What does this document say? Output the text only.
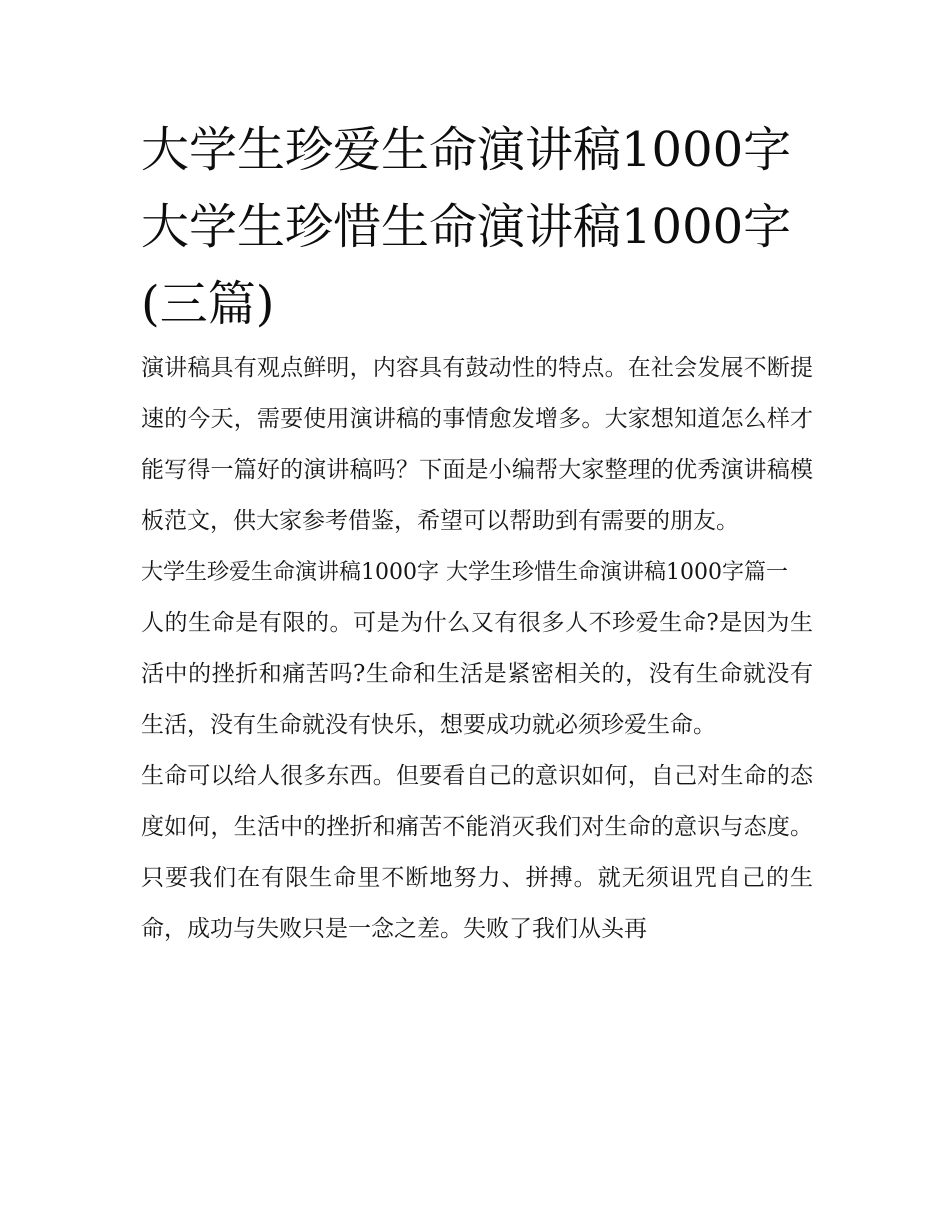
大学生珍爱生命演讲稿1000字大学生珍惜生命演讲稿1000字(三篇)

演讲稿具有观点鲜明，内容具有鼓动性的特点。在社会发展不断提速的今天，需要使用演讲稿的事情愈发增多。大家想知道怎么样才能写得一篇好的演讲稿吗？下面是小编帮大家整理的优秀演讲稿模板范文，供大家参考借鉴，希望可以帮助到有需要的朋友。

大学生珍爱生命演讲稿1000字 大学生珍惜生命演讲稿1000字篇一

人的生命是有限的。可是为什么又有很多人不珍爱生命?是因为生活中的挫折和痛苦吗?生命和生活是紧密相关的，没有生命就没有生活，没有生命就没有快乐，想要成功就必须珍爱生命。

生命可以给人很多东西。但要看自己的意识如何，自己对生命的态度如何，生活中的挫折和痛苦不能消灭我们对生命的意识与态度。只要我们在有限生命里不断地努力、拼搏。就无须诅咒自己的生命，成功与失败只是一念之差。失败了我们从头再
